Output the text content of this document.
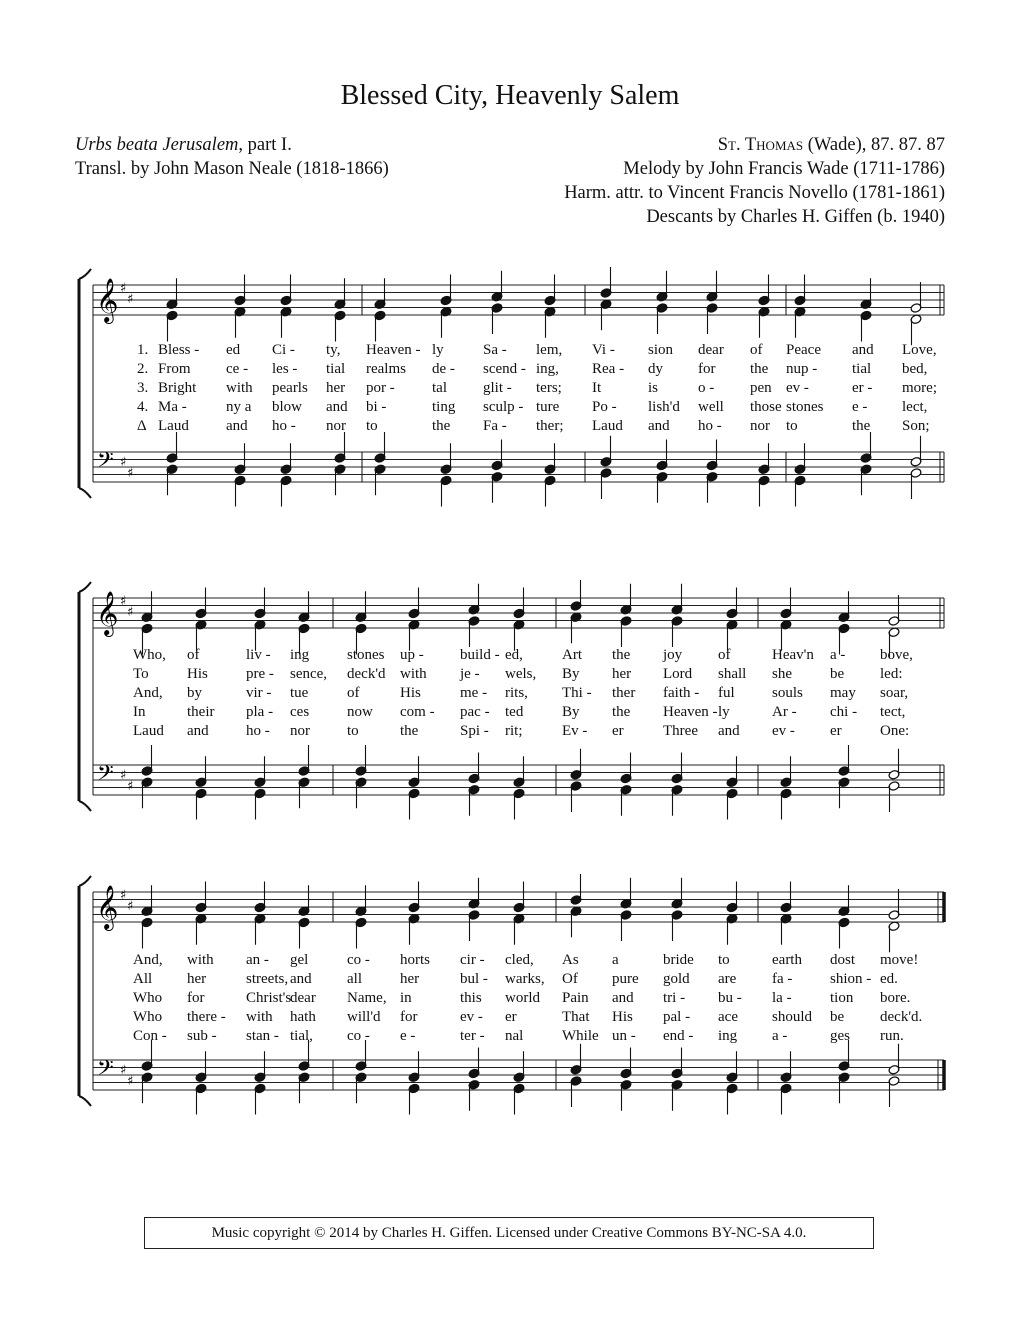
Blessed City, Heavenly Salem
Urbs beata Jerusalem, part I.
Transl. by John Mason Neale (1818-1866)
St. Thomas (Wade), 87. 87. 87
Melody by John Francis Wade (1711-1786)
Harm. attr. to Vincent Francis Novello (1781-1861)
Descants by Charles H. Giffen (b. 1940)
𝄞
𝄢
♯
♯
♯
♯
𝄞
𝄢
♯
♯
♯
♯
𝄞
𝄢
♯
♯
♯
♯
1. Bless - ed Ci - ty, Heaven - ly	Sa - lem, Vi - sion dear of Peace and Love,
2. From ce - les - tial realms de - scend - ing, Rea - dy for the nup - tial bed,
3. Bright with pearls her por - tal glit - ters; It	is	o - pen ev -	er - more;
4. Ma -	ny a blow and bi -	ting sculp - ture Po - lish'd well those stones e - lect,
Δ Laud and ho - nor to	the Fa - ther; Laud and ho - nor to	the Son;
Who, of	liv - ing	stones up - build - ed,	Art the joy of	Heav'n a - bove,
To	His	pre - sence, deck'd with je - wels, By her Lord shall she	be led:
And, by	vir - tue	of	His	me - rits, Thi - ther faith - ful souls may soar,
In	their pla - ces	now com - pac - ted	By the Heaven - ly	Ar - chi - tect,
Laud and ho - nor to	the	Spi - rit;	Ev - er	Three and ev - er	One:
And, with an - gel	co - horts cir - cled, As a	bride to	earth dost move!
All her	streets, and all	her	bul - warks, Of pure gold are fa -	shion - ed.
Who for	Christ's
dear Name, in	this world Pain and tri - bu - la -	tion bore.
Who there - with hath will'd for	ev - er	That His pal - ace should be deck'd.
Con - sub - stan - tial, co - e -	ter - nal	While un - end - ing a -	ges run.
Music copyright © 2014 by Charles H. Giffen. Licensed under Creative Commons BY-NC-SA 4.0.
